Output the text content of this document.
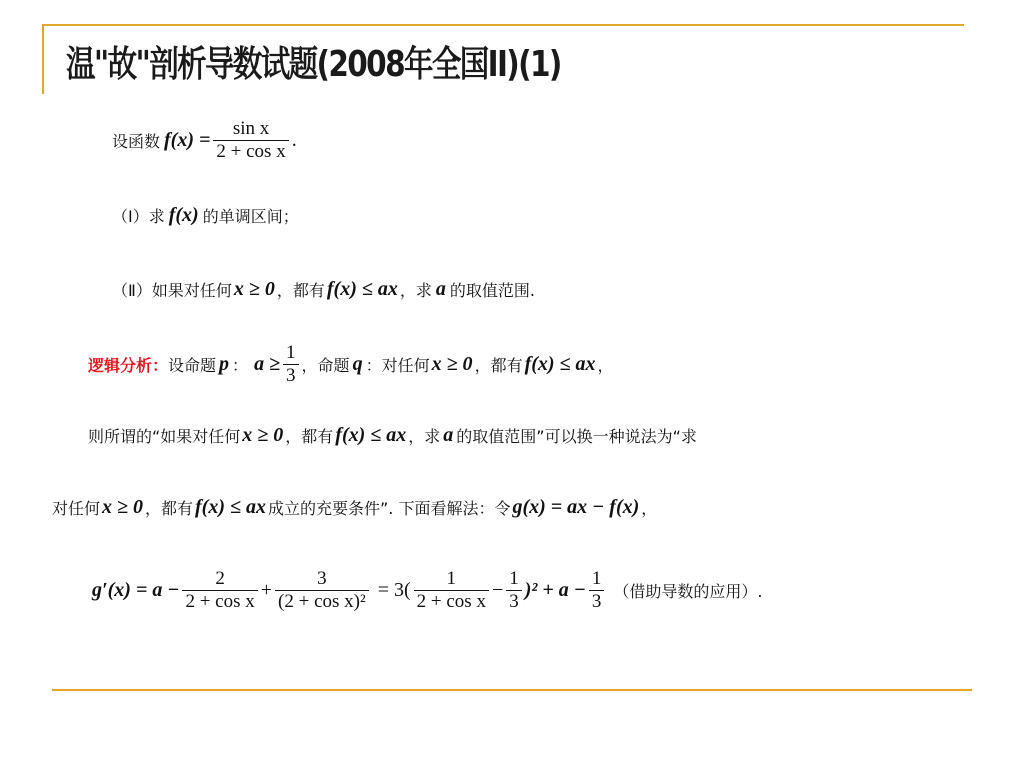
温"故"剖析导数试题(2008年全国II)(1)
设函数 $f(x) = \frac{\text{sin x}}{\text{2 + cos x}}$ .
（Ⅰ）求 f(x) 的单调区间；
（Ⅱ）如果对任何 x ≥ 0 ，都有 f(x) ≤ ax ，求 a 的取值范围.
逻辑分析 ： 设命题 p ： $a \ge \frac{1}{3}$ ，命题 q ：对任何 x ≥ 0 ，都有 f(x) ≤ ax ，
则所谓的“如果对任何 x ≥ 0 ，都有 f(x) ≤ ax ，求 a 的取值范围”可以换一种说法为“求
对任何 x ≥ 0 ，都有 f(x) ≤ ax 成立的充要条件”. 下面看解法：令 g(x) = ax − f(x) ，
$g'(x) = a - \frac{2}{\text{2 + cos x}} + \frac{3}{\text{(2 + cos x)²}} = 3( \frac{1}{\text{2 + cos x}} - \frac{1}{3} )^2 + a - \frac{1}{3}$ （借助导数的应用）.
